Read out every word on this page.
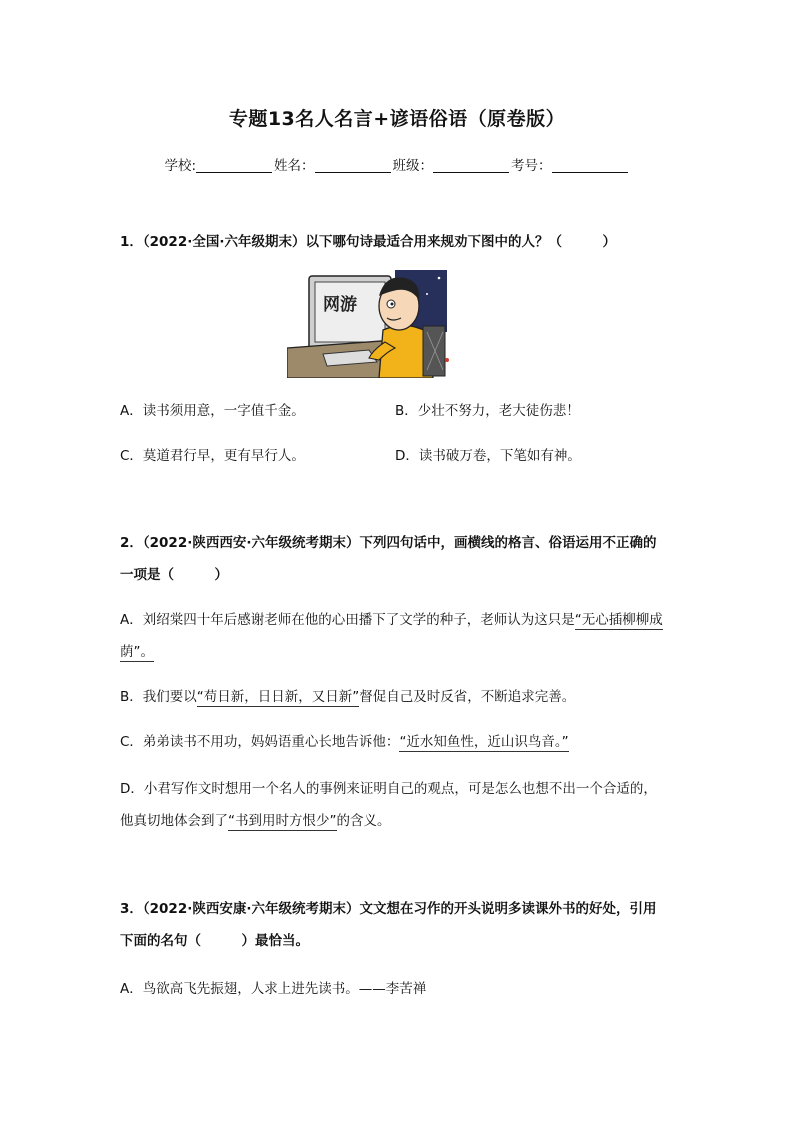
专题13名人名言+谚语俗语（原卷版）
学校:	姓名：	班级：	考号：
1．（2022·全国·六年级期末）以下哪句诗最适合用来规劝下图中的人？（　　　）
网游
A．读书须用意，一字值千金。	B．少壮不努力，老大徒伤悲！
C．莫道君行早，更有早行人。	D．读书破万卷，下笔如有神。
2．（2022·陕西西安·六年级统考期末）下列四句话中，画横线的格言、俗语运用不正确的
一项是（　　　）
A．刘绍棠四十年后感谢老师在他的心田播下了文学的种子，老师认为这只是“无心插柳柳成
荫”。
B．我们要以“苟日新，日日新，又日新”督促自己及时反省，不断追求完善。
C．弟弟读书不用功，妈妈语重心长地告诉他：“近水知鱼性，近山识鸟音。”
D．小君写作文时想用一个名人的事例来证明自己的观点，可是怎么也想不出一个合适的，
他真切地体会到了“书到用时方恨少”的含义。
3．（2022·陕西安康·六年级统考期末）文文想在习作的开头说明多读课外书的好处，引用
下面的名句（　　　）最恰当。
A．鸟欲高飞先振翅，人求上进先读书。——李苦禅
